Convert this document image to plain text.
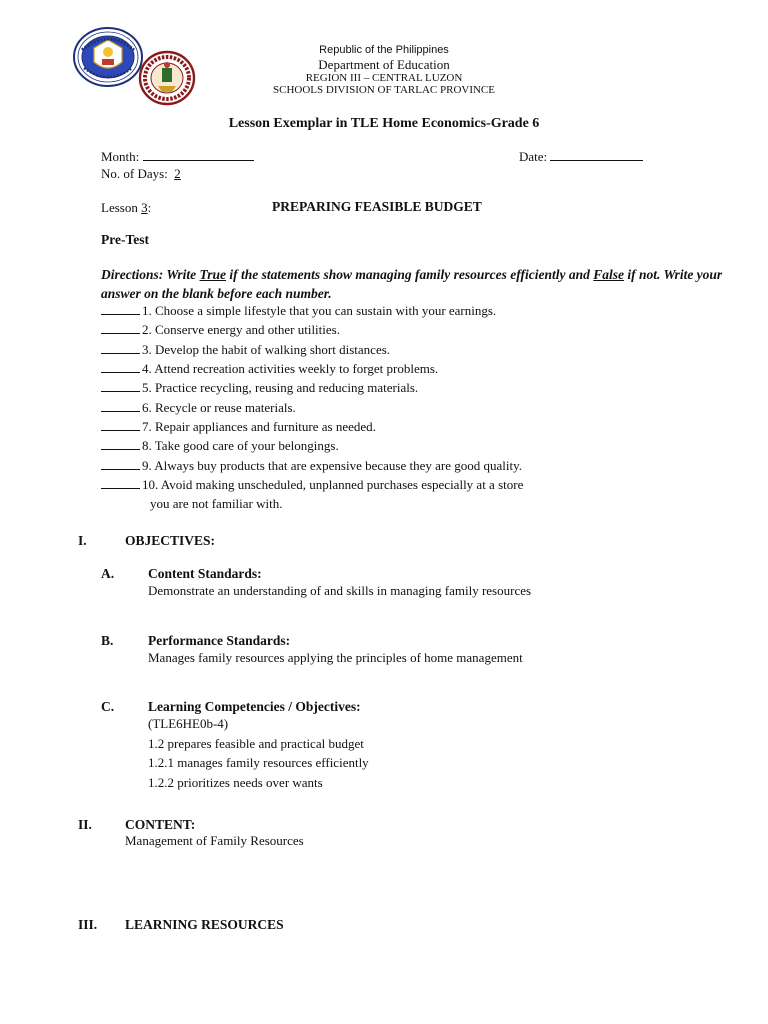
Republic of the Philippines
Department of Education
REGION III – CENTRAL LUZON
SCHOOLS DIVISION OF TARLAC PROVINCE
Lesson Exemplar in TLE Home Economics-Grade 6
Month:	Date:
No. of Days: 2
Lesson 3:	PREPARING FEASIBLE BUDGET
Pre-Test
Directions: Write True if the statements show managing family resources efficiently and False if not. Write your answer on the blank before each number.
1. Choose a simple lifestyle that you can sustain with your earnings.
2. Conserve energy and other utilities.
3. Develop the habit of walking short distances.
4. Attend recreation activities weekly to forget problems.
5. Practice recycling, reusing and reducing materials.
6. Recycle or reuse materials.
7. Repair appliances and furniture as needed.
8. Take good care of your belongings.
9. Always buy products that are expensive because they are good quality.
10. Avoid making unscheduled, unplanned purchases especially at a store
you are not familiar with.
I.	OBJECTIVES:
A.	Content Standards:
Demonstrate an understanding of and skills in managing family resources
B.	Performance Standards:
Manages family resources applying the principles of home management
C.	Learning Competencies / Objectives:
(TLE6HE0b-4)
1.2 prepares feasible and practical budget
1.2.1 manages family resources efficiently
1.2.2 prioritizes needs over wants
II. CONTENT:
Management of Family Resources
III. LEARNING RESOURCES
